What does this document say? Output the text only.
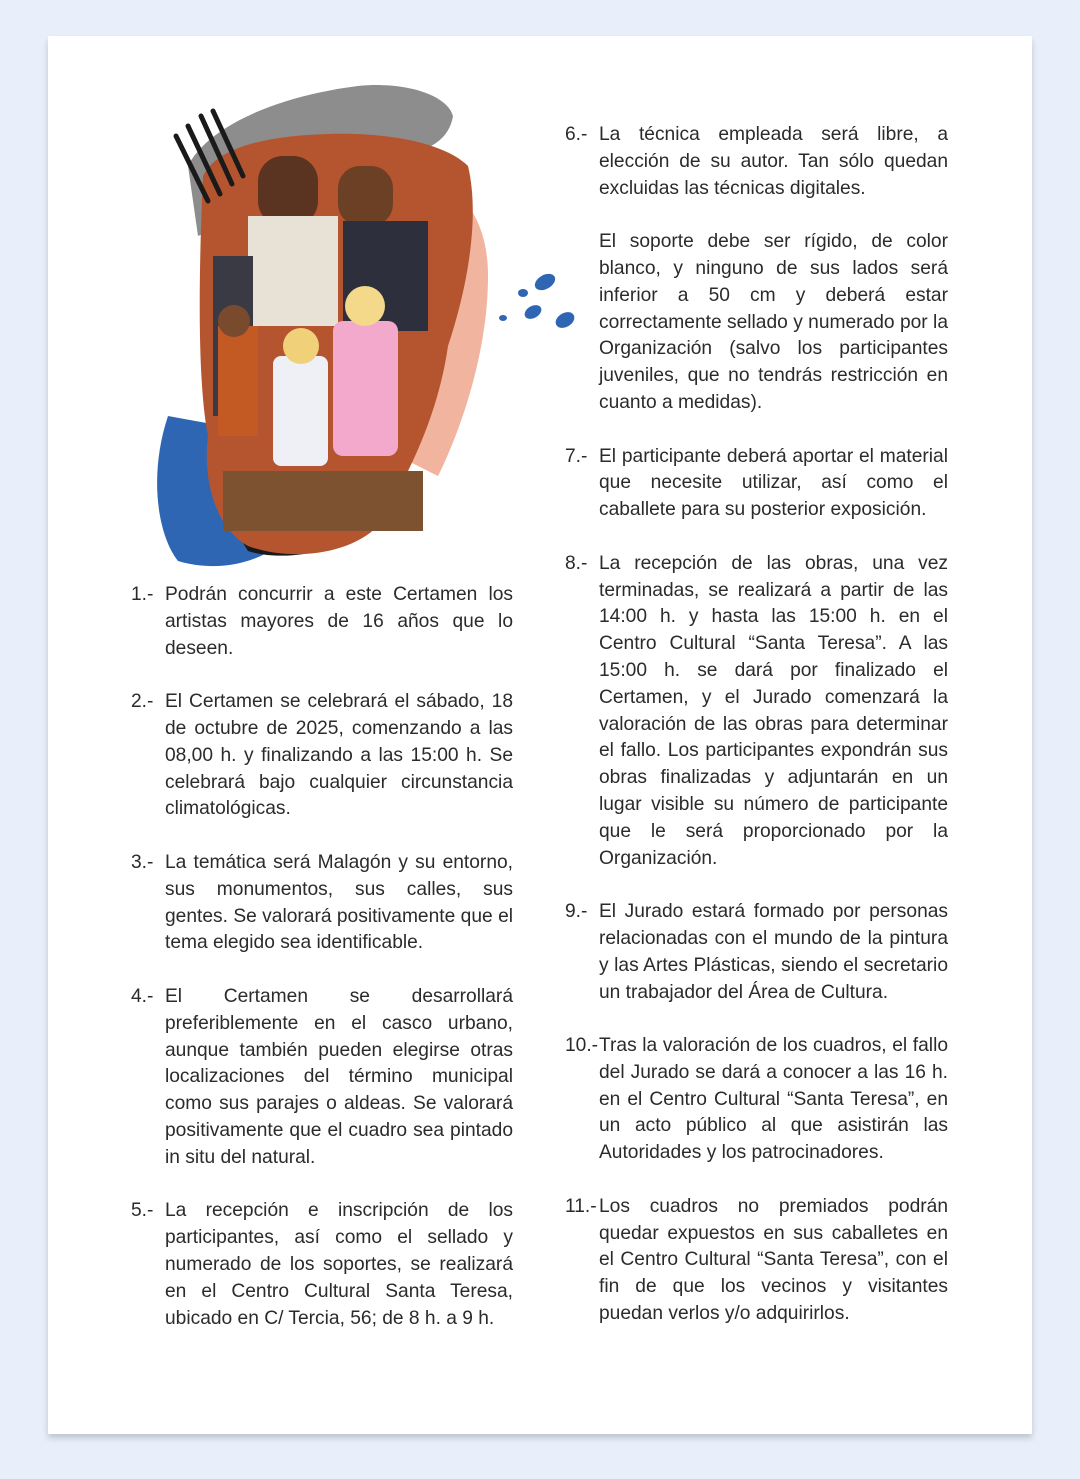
1.- Podrán concurrir a este Certamen los artistas mayores de 16 años que lo deseen.
2.- El Certamen se celebrará el sábado, 18 de octubre de 2025, comenzando a las 08,00 h. y finalizando a las 15:00 h. Se celebrará bajo cualquier circunstancia climatológicas.
3.- La temática será Malagón y su entorno, sus monumentos, sus calles, sus gentes. Se valorará positivamente que el tema elegido sea identificable.
4.- El Certamen se desarrollará preferiblemente en el casco urbano, aunque también pueden elegirse otras localizaciones del término municipal como sus parajes o aldeas. Se valorará positivamente que el cuadro sea pintado in situ del natural.
5.- La recepción e inscripción de los participantes, así como el sellado y numerado de los soportes, se realizará en el Centro Cultural Santa Teresa, ubicado en C/ Tercia, 56; de 8 h. a 9 h.
6.- La técnica empleada será libre, a elección de su autor. Tan sólo quedan excluidas las técnicas digitales.
El soporte debe ser rígido, de color blanco, y ninguno de sus lados será inferior a 50 cm y deberá estar correctamente sellado y numerado por la Organización (salvo los participantes juveniles, que no tendrás restricción en cuanto a medidas).
7.- El participante deberá aportar el material que necesite utilizar, así como el caballete para su posterior exposición.
8.- La recepción de las obras, una vez terminadas, se realizará a partir de las 14:00 h. y hasta las 15:00 h. en el Centro Cultural “Santa Teresa”. A las 15:00 h. se dará por finalizado el Certamen, y el Jurado comenzará la valoración de las obras para determinar el fallo. Los participantes expondrán sus obras finalizadas y adjuntarán en un lugar visible su número de participante que le será proporcionado por la Organización.
9.- El Jurado estará formado por personas relacionadas con el mundo de la pintura y las Artes Plásticas, siendo el secretario un trabajador del Área de Cultura.
10.- Tras la valoración de los cuadros, el fallo del Jurado se dará a conocer a las 16 h. en el Centro Cultural “Santa Teresa”, en un acto público al que asistirán las Autoridades y los patrocinadores.
11.- Los cuadros no premiados podrán quedar expuestos en sus caballetes en el Centro Cultural “Santa Teresa”, con el fin de que los vecinos y visitantes puedan verlos y/o adquirirlos.
